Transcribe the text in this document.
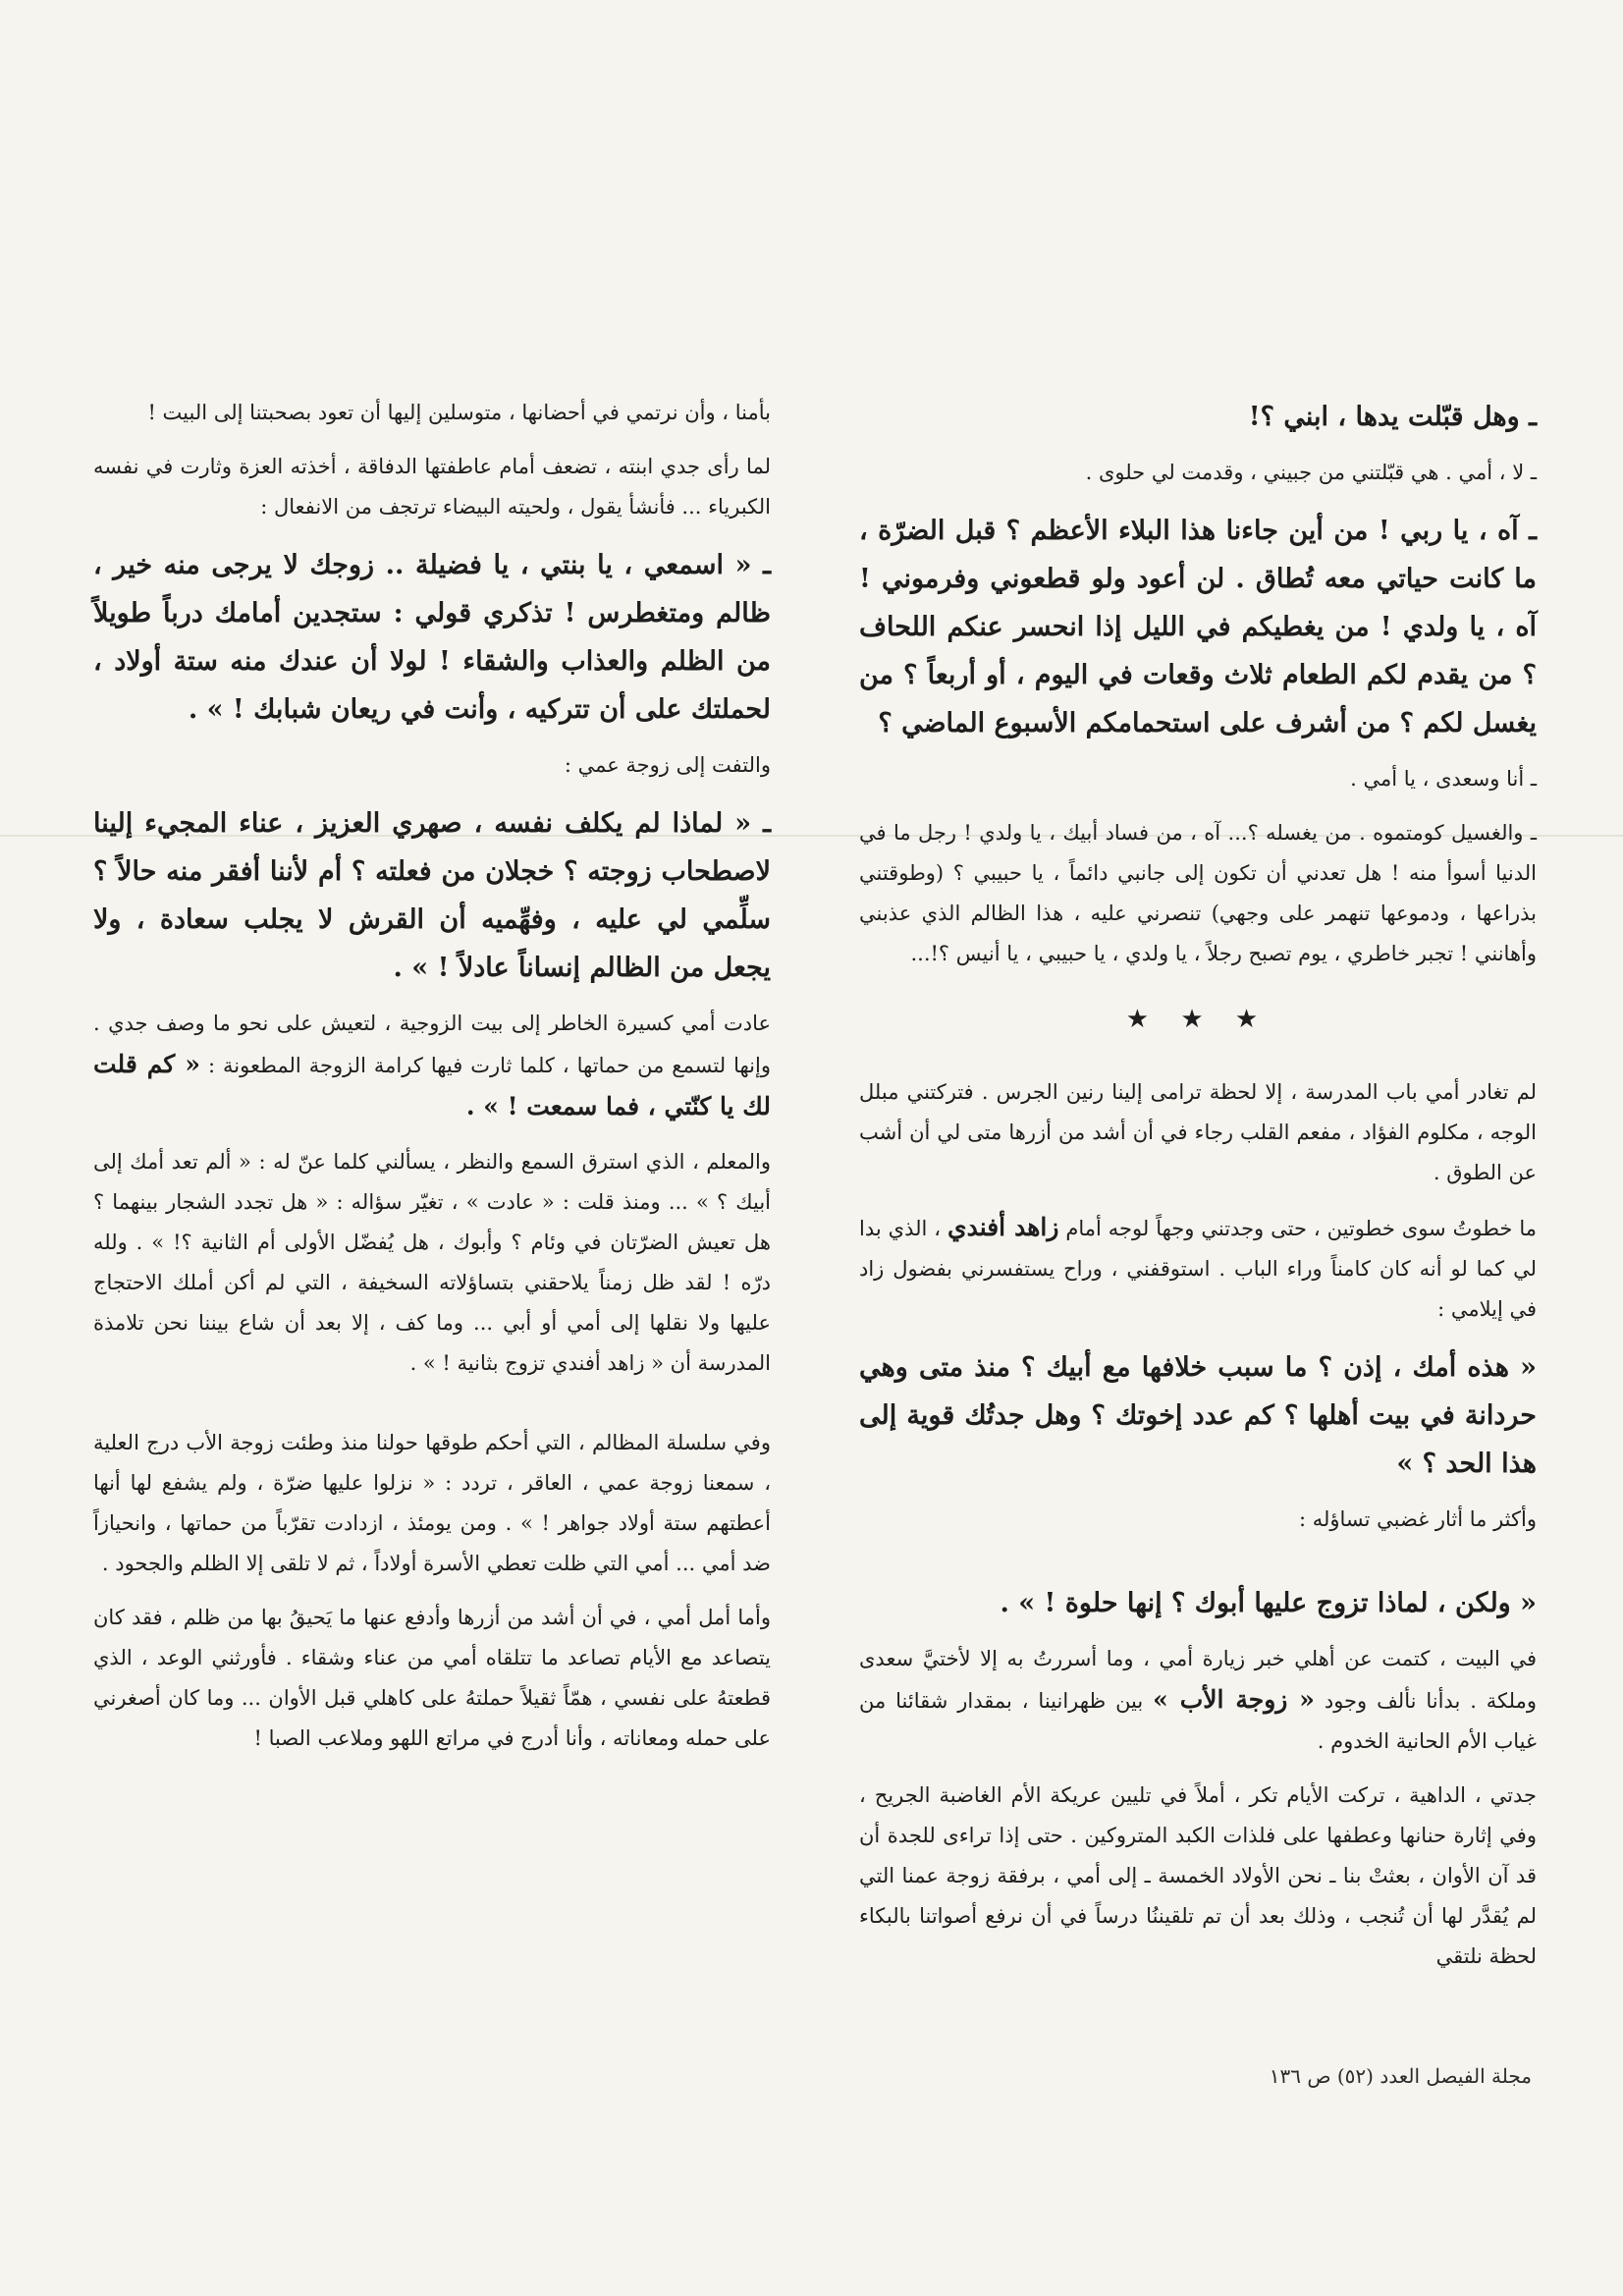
ـ وهل قبّلت يدها ، ابني ؟!

ـ لا ، أمي . هي قبّلتني من جبيني ، وقدمت لي حلوى .

ـ آه ، يا ربي ! من أين جاءنا هذا البلاء الأعظم ؟ قبل الضرّة ، ما كانت حياتي معه تُطاق . لن أعود ولو قطعوني وفرموني ! آه ، يا ولدي ! من يغطيكم في الليل إذا انحسر عنكم اللحاف ؟ من يقدم لكم الطعام ثلاث وقعات في اليوم ، أو أربعاً ؟ من يغسل لكم ؟ من أشرف على استحمامكم الأسبوع الماضي ؟

ـ أنا وسعدى ، يا أمي .

ـ والغسيل كومتموه . من يغسله ؟... آه ، من فساد أبيك ، يا ولدي ! رجل ما في الدنيا أسوأ منه ! هل تعدني أن تكون إلى جانبي دائماً ، يا حبيبي ؟ (وطوقتني بذراعها ، ودموعها تنهمر على وجهي) تنصرني عليه ، هذا الظالم الذي عذبني وأهانني ! تجبر خاطري ، يوم تصبح رجلاً ، يا ولدي ، يا حبيبي ، يا أنيس ؟!...

★ ★ ★

لم تغادر أمي باب المدرسة ، إلا لحظة ترامى إلينا رنين الجرس . فتركتني مبلل الوجه ، مكلوم الفؤاد ، مفعم القلب رجاء في أن أشد من أزرها متى لي أن أشب عن الطوق .

ما خطوتُ سوى خطوتين ، حتى وجدتني وجهاً لوجه أمام زاهد أفندي ، الذي بدا لي كما لو أنه كان كامناً وراء الباب . استوقفني ، وراح يستفسرني بفضول زاد في إيلامي :

« هذه أمك ، إذن ؟ ما سبب خلافها مع أبيك ؟ منذ متى وهي حردانة في بيت أهلها ؟ كم عدد إخوتك ؟ وهل جدتُك قوية إلى هذا الحد ؟ »

وأكثر ما أثار غضبي تساؤله :

« ولكن ، لماذا تزوج عليها أبوك ؟ إنها حلوة ! » .

في البيت ، كتمت عن أهلي خبر زيارة أمي ، وما أسررتُ به إلا لأختيَّ سعدى وملكة . بدأنا نألف وجود « زوجة الأب » بين ظهرانينا ، بمقدار شقائنا من غياب الأم الحانية الخدوم .

جدتي ، الداهية ، تركت الأيام تكر ، أملاً في تليين عريكة الأم الغاضبة الجريح ، وفي إثارة حنانها وعطفها على فلذات الكبد المتروكين . حتى إذا تراءى للجدة أن قد آن الأوان ، بعثتْ بنا ـ نحن الأولاد الخمسة ـ إلى أمي ، برفقة زوجة عمنا التي لم يُقدَّر لها أن تُنجب ، وذلك بعد أن تم تلقيننُا درساً في أن نرفع أصواتنا بالبكاء لحظة نلتقي

بأمنا ، وأن نرتمي في أحضانها ، متوسلين إليها أن تعود بصحبتنا إلى البيت !

لما رأى جدي ابنته ، تضعف أمام عاطفتها الدفاقة ، أخذته العزة وثارت في نفسه الكبرياء ... فأنشأ يقول ، ولحيته البيضاء ترتجف من الانفعال :

ـ « اسمعي ، يا بنتي ، يا فضيلة .. زوجك لا يرجى منه خير ، ظالم ومتغطرس ! تذكري قولي : ستجدين أمامك درباً طويلاً من الظلم والعذاب والشقاء ! لولا أن عندك منه ستة أولاد ، لحملتك على أن تتركيه ، وأنت في ريعان شبابك ! » .

والتفت إلى زوجة عمي :

ـ « لماذا لم يكلف نفسه ، صهري العزيز ، عناء المجيء إلينا لاصطحاب زوجته ؟ خجلان من فعلته ؟ أم لأننا أفقر منه حالاً ؟ سلِّمي لي عليه ، وفهِّميه أن القرش لا يجلب سعادة ، ولا يجعل من الظالم إنساناً عادلاً ! » .

عادت أمي كسيرة الخاطر إلى بيت الزوجية ، لتعيش على نحو ما وصف جدي . وإنها لتسمع من حماتها ، كلما ثارت فيها كرامة الزوجة المطعونة : « كم قلت لك يا كنّتي ، فما سمعت ! » .

والمعلم ، الذي استرق السمع والنظر ، يسألني كلما عنّ له : « ألم تعد أمك إلى أبيك ؟ » ... ومنذ قلت : « عادت » ، تغيّر سؤاله : « هل تجدد الشجار بينهما ؟ هل تعيش الضرّتان في وئام ؟ وأبوك ، هل يُفضّل الأولى أم الثانية ؟! » . ولله درّه ! لقد ظل زمناً يلاحقني بتساؤلاته السخيفة ، التي لم أكن أملك الاحتجاج عليها ولا نقلها إلى أمي أو أبي ... وما كف ، إلا بعد أن شاع بيننا نحن تلامذة المدرسة أن « زاهد أفندي تزوج بثانية ! » .

وفي سلسلة المظالم ، التي أحكم طوقها حولنا منذ وطئت زوجة الأب درج العلية ، سمعنا زوجة عمي ، العاقر ، تردد : « نزلوا عليها ضرّة ، ولم يشفع لها أنها أعطتهم ستة أولاد جواهر ! » . ومن يومئذ ، ازدادت تقرّباً من حماتها ، وانحيازاً ضد أمي ... أمي التي ظلت تعطي الأسرة أولاداً ، ثم لا تلقى إلا الظلم والجحود .

وأما أمل أمي ، في أن أشد من أزرها وأدفع عنها ما يَحيقُ بها من ظلم ، فقد كان يتصاعد مع الأيام تصاعد ما تتلقاه أمي من عناء وشقاء . فأورثني الوعد ، الذي قطعتهُ على نفسي ، همّاً ثقيلاً حملتهُ على كاهلي قبل الأوان ... وما كان أصغرني على حمله ومعاناته ، وأنا أدرج في مراتع اللهو وملاعب الصبا !

مجلة الفيصل العدد (٥٢) ص ١٣٦
